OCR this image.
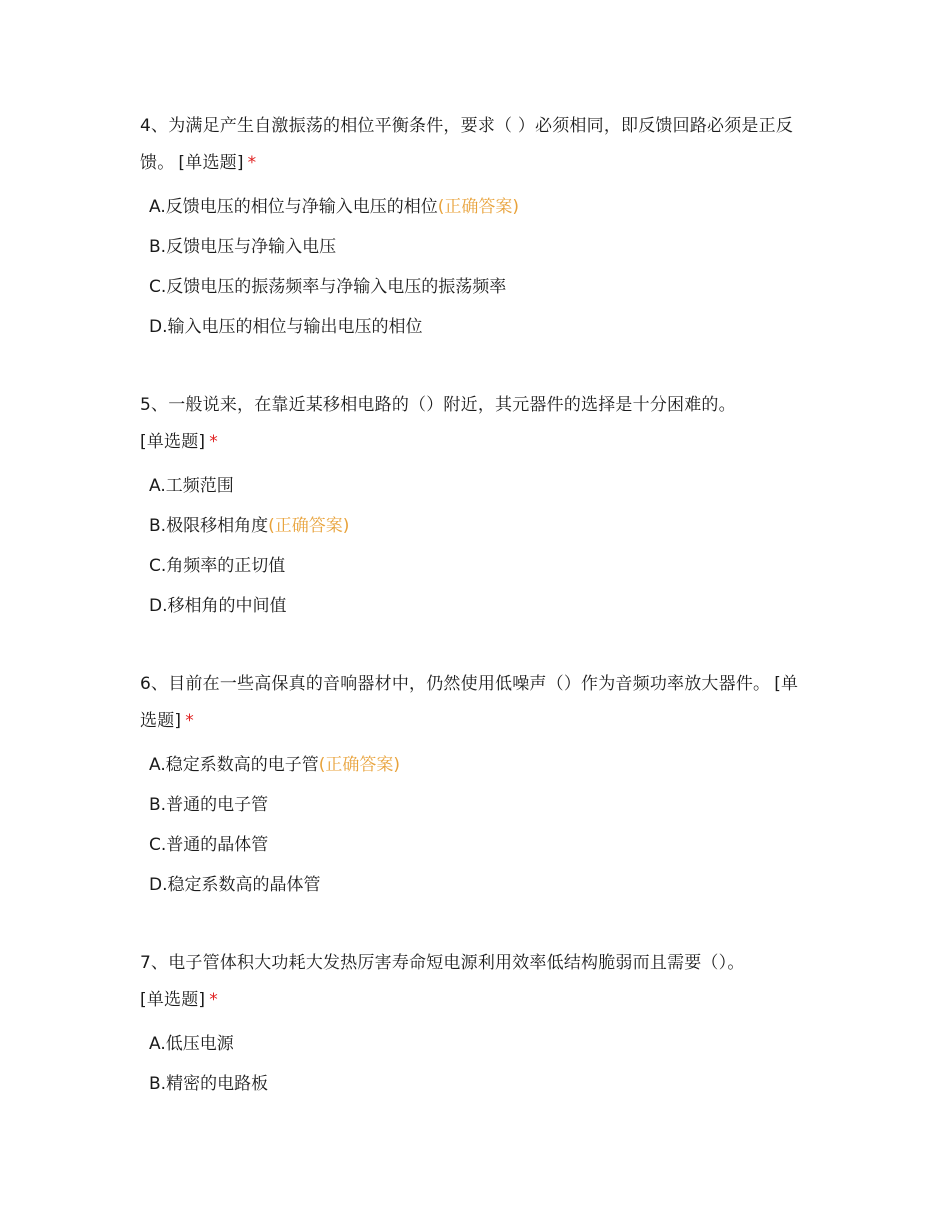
4、为满足产生自激振荡的相位平衡条件，要求（ ）必须相同，即反馈回路必须是正反馈。 [单选题] *

A.反馈电压的相位与净输入电压的相位(正确答案)
B.反馈电压与净输入电压
C.反馈电压的振荡频率与净输入电压的振荡频率
D.输入电压的相位与输出电压的相位

5、一般说来，在靠近某移相电路的（）附近，其元器件的选择是十分困难的。
[单选题] *

A.工频范围
B.极限移相角度(正确答案)
C.角频率的正切值
D.移相角的中间值

6、目前在一些高保真的音响器材中，仍然使用低噪声（）作为音频功率放大器件。 [单选题] *

A.稳定系数高的电子管(正确答案)
B.普通的电子管
C.普通的晶体管
D.稳定系数高的晶体管

7、电子管体积大功耗大发热厉害寿命短电源利用效率低结构脆弱而且需要（）。
[单选题] *

A.低压电源
B.精密的电路板
